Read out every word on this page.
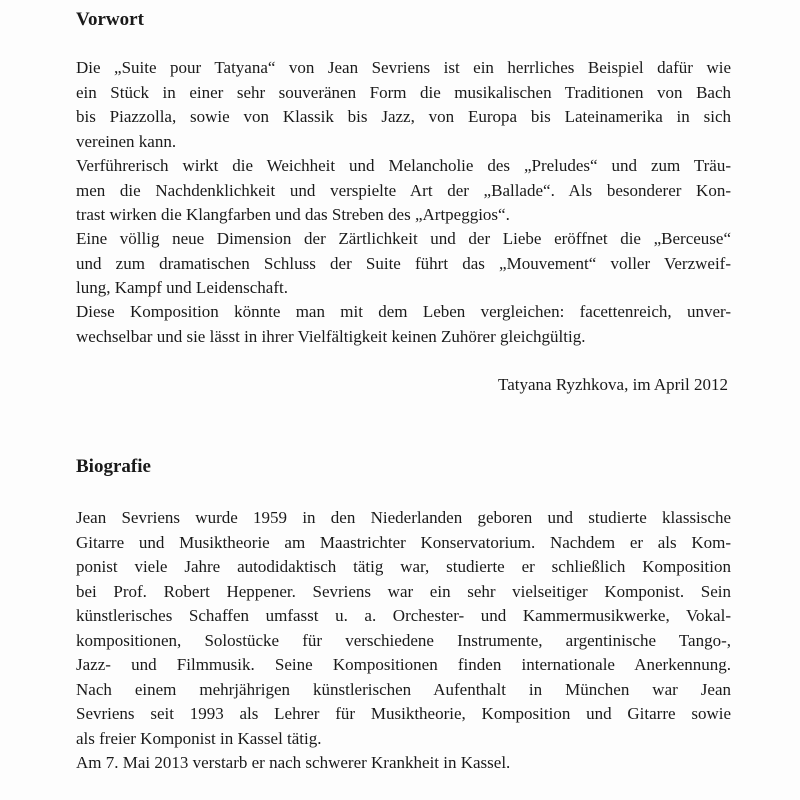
Vorwort
Die „Suite pour Tatyana“ von Jean Sevriens ist ein herrliches Beispiel dafür wie
ein Stück in einer sehr souveränen Form die musikalischen Traditionen von Bach
bis Piazzolla, sowie von Klassik bis Jazz, von Europa bis Lateinamerika in sich
vereinen kann.
Verführerisch wirkt die Weichheit und Melancholie des „Preludes“ und zum Träu-
men die Nachdenklichkeit und verspielte Art der „Ballade“. Als besonderer Kon-
trast wirken die Klangfarben und das Streben des „Artpeggios“.
Eine völlig neue Dimension der Zärtlichkeit und der Liebe eröffnet die „Berceuse“
und zum dramatischen Schluss der Suite führt das „Mouvement“ voller Verzweif-
lung, Kampf und Leidenschaft.
Diese Komposition könnte man mit dem Leben vergleichen: facettenreich, unver-
wechselbar und sie lässt in ihrer Vielfältigkeit keinen Zuhörer gleichgültig.

Tatyana Ryzhkova, im April 2012

Biografie
Jean Sevriens wurde 1959 in den Niederlanden geboren und studierte klassische
Gitarre und Musiktheorie am Maastrichter Konservatorium. Nachdem er als Kom-
ponist viele Jahre autodidaktisch tätig war, studierte er schließlich Komposition
bei Prof. Robert Heppener. Sevriens war ein sehr vielseitiger Komponist. Sein
künstlerisches Schaffen umfasst u. a. Orchester- und Kammermusikwerke, Vokal-
kompositionen, Solostücke für verschiedene Instrumente, argentinische Tango-,
Jazz- und Filmmusik. Seine Kompositionen finden internationale Anerkennung.
Nach einem mehrjährigen künstlerischen Aufenthalt in München war Jean
Sevriens seit 1993 als Lehrer für Musiktheorie, Komposition und Gitarre sowie
als freier Komponist in Kassel tätig.
Am 7. Mai 2013 verstarb er nach schwerer Krankheit in Kassel.
